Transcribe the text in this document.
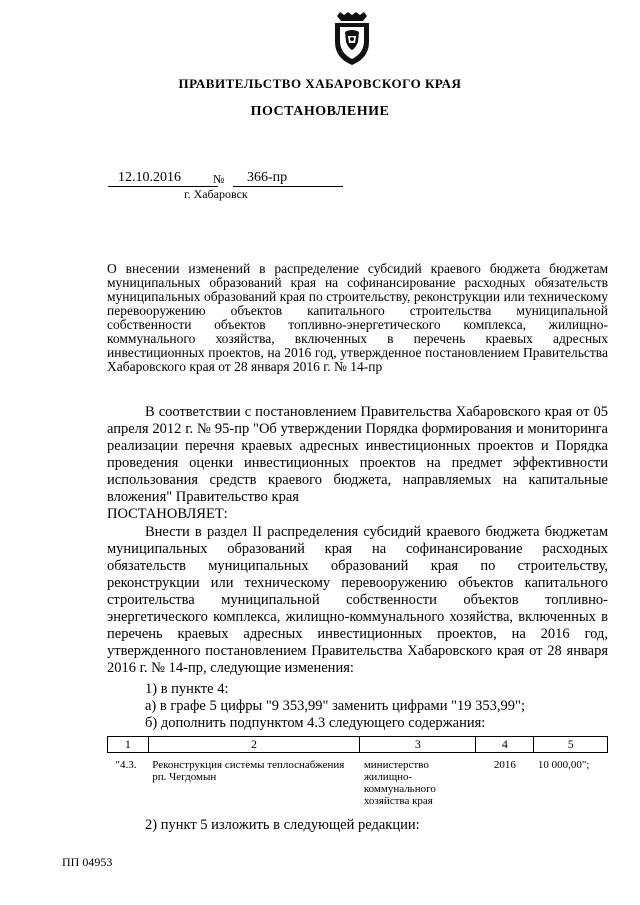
ПРАВИТЕЛЬСТВО ХАБАРОВСКОГО КРАЯ
ПОСТАНОВЛЕНИЕ
12.10.2016	№	366-пр
г. Хабаровск
О внесении изменений в распределение субсидий краевого бюджета бюджетам муниципальных образований края на софинансирование расходных обязательств муниципальных образований края по строительству, реконструкции или техническому перевооружению объектов капитального строительства муниципальной собственности объектов топливно-энергетического комплекса, жилищно-коммунального хозяйства, включенных в перечень краевых адресных инвестиционных проектов, на 2016 год, утвержденное постановлением Правительства Хабаровского края от 28 января 2016 г. № 14-пр
В соответствии с постановлением Правительства Хабаровского края от 05 апреля 2012 г. № 95-пр "Об утверждении Порядка формирования и мониторинга реализации перечня краевых адресных инвестиционных проектов и Порядка проведения оценки инвестиционных проектов на предмет эффективности использования средств краевого бюджета, направляемых на капитальные вложения" Правительство края
ПОСТАНОВЛЯЕТ:
Внести в раздел II распределения субсидий краевого бюджета бюджетам муниципальных образований края на софинансирование расходных обязательств муниципальных образований края по строительству, реконструкции или техническому перевооружению объектов капитального строительства муниципальной собственности объектов топливно-энергетического комплекса, жилищно-коммунального хозяйства, включенных в перечень краевых адресных инвестиционных проектов, на 2016 год, утвержденного постановлением Правительства Хабаровского края от 28 января 2016 г. № 14-пр, следующие изменения:
1) в пункте 4:
а) в графе 5 цифры "9 353,99" заменить цифрами "19 353,99";
б) дополнить подпунктом 4.3 следующего содержания:
1	2	3	4	5
"4.3.	Реконструкция системы теплоснабжения рп. Чегдомын	министерство жилищно-коммунального хозяйства края	2016	10 000,00";
2) пункт 5 изложить в следующей редакции:
ПП 04953
